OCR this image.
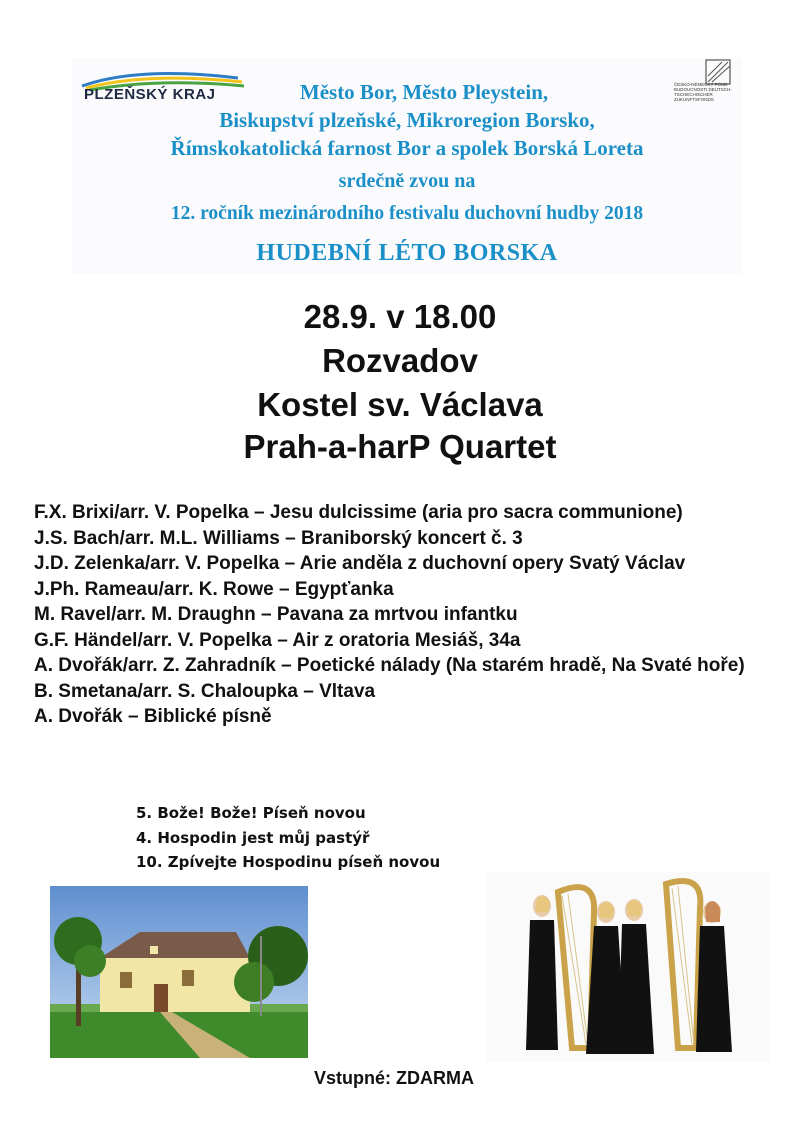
PLZEŇSKÝ KRAJ
ČESKO-NĚMECKÝ FOND BUDOUCNOSTI DEUTSCH-TSCHECHISCHER ZUKUNFTSFONDS
Město Bor, Město Pleystein,
Biskupství plzeňské, Mikroregion Borsko,
Římskokatolická farnost Bor a spolek Borská Loreta
srdečně zvou na
12. ročník mezinárodního festivalu duchovní hudby 2018
HUDEBNÍ LÉTO BORSKA
28.9. v 18.00
Rozvadov
Kostel sv. Václava
Prah-a-harP Quartet
F.X. Brixi/arr. V. Popelka – Jesu dulcissime (aria pro sacra communione)
J.S. Bach/arr. M.L. Williams – Braniborský koncert č. 3
J.D. Zelenka/arr. V. Popelka – Arie anděla z duchovní opery Svatý Václav
J.Ph. Rameau/arr. K. Rowe – Egypťanka
M. Ravel/arr. M. Draughn – Pavana za mrtvou infantku
G.F. Händel/arr. V. Popelka – Air z oratoria Mesiáš, 34a
A. Dvořák/arr. Z. Zahradník – Poetické nálady (Na starém hradě, Na Svaté hoře)
B. Smetana/arr. S. Chaloupka – Vltava
A. Dvořák – Biblické písně
5. Bože! Bože! Píseň novou
4. Hospodin jest můj pastýř
10. Zpívejte Hospodinu píseň novou
Vstupné: ZDARMA
